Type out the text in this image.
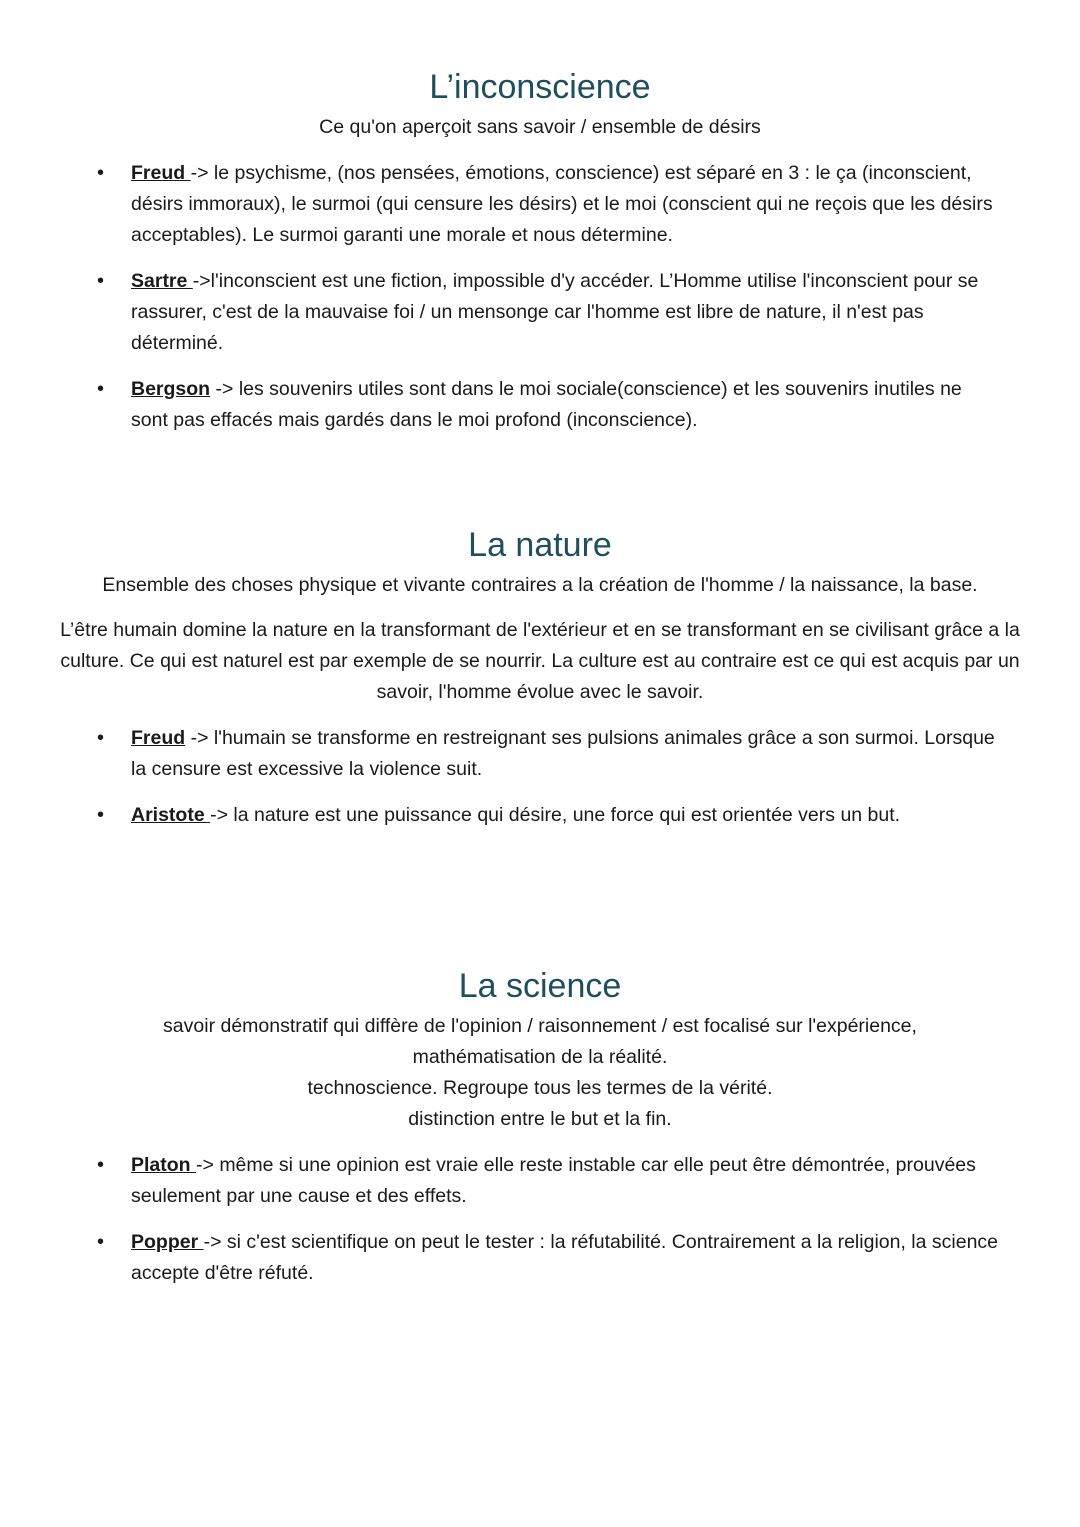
L’inconscience

Ce qu'on aperçoit sans savoir / ensemble de désirs

• Freud -> le psychisme, (nos pensées, émotions, conscience) est séparé en 3 : le ça (inconscient, désirs immoraux), le surmoi (qui censure les désirs) et le moi (conscient qui ne reçois que les désirs acceptables). Le surmoi garanti une morale et nous détermine.
• Sartre ->l'inconscient est une fiction, impossible d'y accéder. L’Homme utilise l'inconscient pour se rassurer, c'est de la mauvaise foi / un mensonge car l'homme est libre de nature, il n'est pas déterminé.
• Bergson -> les souvenirs utiles sont dans le moi sociale(conscience) et les souvenirs inutiles ne sont pas effacés mais gardés dans le moi profond (inconscience).
La nature

Ensemble des choses physique et vivante contraires a la création de l'homme / la naissance, la base.

L’être humain domine la nature en la transformant de l'extérieur et en se transformant en se civilisant grâce a la culture. Ce qui est naturel est par exemple de se nourrir. La culture est au contraire est ce qui est acquis par un savoir, l'homme évolue avec le savoir.

• Freud -> l'humain se transforme en restreignant ses pulsions animales grâce a son surmoi. Lorsque la censure est excessive la violence suit.
• Aristote -> la nature est une puissance qui désire, une force qui est orientée vers un but.
La science

savoir démonstratif qui diffère de l'opinion / raisonnement / est focalisé sur l'expérience, mathématisation de la réalité.

technoscience. Regroupe tous les termes de la vérité.

distinction entre le but et la fin.

• Platon -> même si une opinion est vraie elle reste instable car elle peut être démontrée, prouvées seulement par une cause et des effets.
• Popper -> si c'est scientifique on peut le tester : la réfutabilité. Contrairement a la religion, la science accepte d'être réfuté.
